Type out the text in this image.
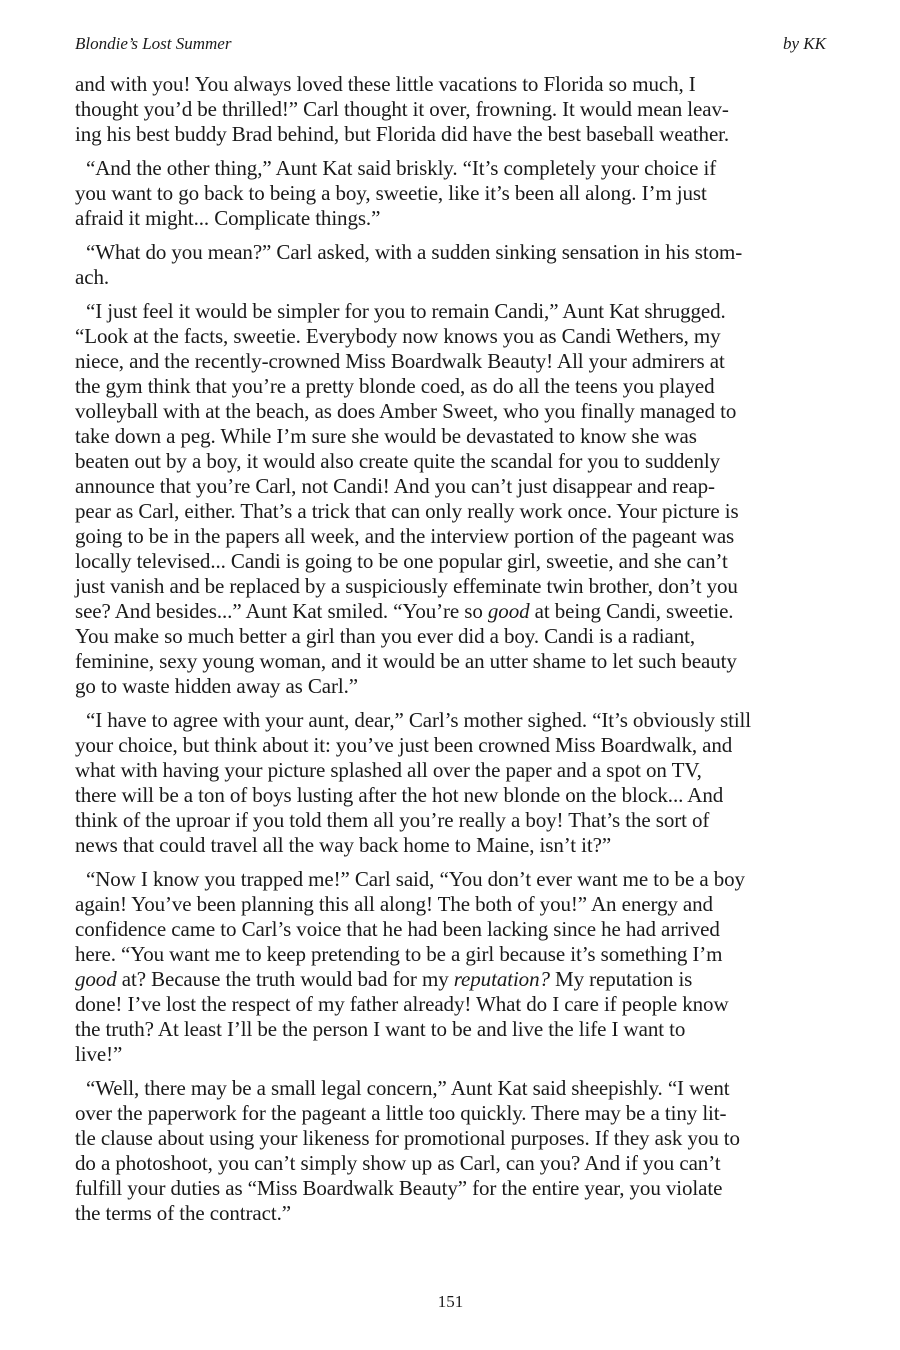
Blondie’s Lost Summer	by KK

and with you! You always loved these little vacations to Florida so much, I
thought you’d be thrilled!” Carl thought it over, frowning. It would mean leav-
ing his best buddy Brad behind, but Florida did have the best baseball weather.

“And the other thing,” Aunt Kat said briskly. “It’s completely your choice if
you want to go back to being a boy, sweetie, like it’s been all along. I’m just
afraid it might... Complicate things.”

“What do you mean?” Carl asked, with a sudden sinking sensation in his stom-
ach.

“I just feel it would be simpler for you to remain Candi,” Aunt Kat shrugged.
“Look at the facts, sweetie. Everybody now knows you as Candi Wethers, my
niece, and the recently-crowned Miss Boardwalk Beauty! All your admirers at
the gym think that you’re a pretty blonde coed, as do all the teens you played
volleyball with at the beach, as does Amber Sweet, who you finally managed to
take down a peg. While I’m sure she would be devastated to know she was
beaten out by a boy, it would also create quite the scandal for you to suddenly
announce that you’re Carl, not Candi! And you can’t just disappear and reap-
pear as Carl, either. That’s a trick that can only really work once. Your picture is
going to be in the papers all week, and the interview portion of the pageant was
locally televised... Candi is going to be one popular girl, sweetie, and she can’t
just vanish and be replaced by a suspiciously effeminate twin brother, don’t you
see? And besides...” Aunt Kat smiled. “You’re so good at being Candi, sweetie.
You make so much better a girl than you ever did a boy. Candi is a radiant,
feminine, sexy young woman, and it would be an utter shame to let such beauty
go to waste hidden away as Carl.”

“I have to agree with your aunt, dear,” Carl’s mother sighed. “It’s obviously still
your choice, but think about it: you’ve just been crowned Miss Boardwalk, and
what with having your picture splashed all over the paper and a spot on TV,
there will be a ton of boys lusting after the hot new blonde on the block... And
think of the uproar if you told them all you’re really a boy! That’s the sort of
news that could travel all the way back home to Maine, isn’t it?”

“Now I know you trapped me!” Carl said, “You don’t ever want me to be a boy
again! You’ve been planning this all along! The both of you!” An energy and
confidence came to Carl’s voice that he had been lacking since he had arrived
here. “You want me to keep pretending to be a girl because it’s something I’m
good at? Because the truth would bad for my reputation? My reputation is
done! I’ve lost the respect of my father already! What do I care if people know
the truth? At least I’ll be the person I want to be and live the life I want to
live!”

“Well, there may be a small legal concern,” Aunt Kat said sheepishly. “I went
over the paperwork for the pageant a little too quickly. There may be a tiny lit-
tle clause about using your likeness for promotional purposes. If they ask you to
do a photoshoot, you can’t simply show up as Carl, can you? And if you can’t
fulfill your duties as “Miss Boardwalk Beauty” for the entire year, you violate
the terms of the contract.”

151
